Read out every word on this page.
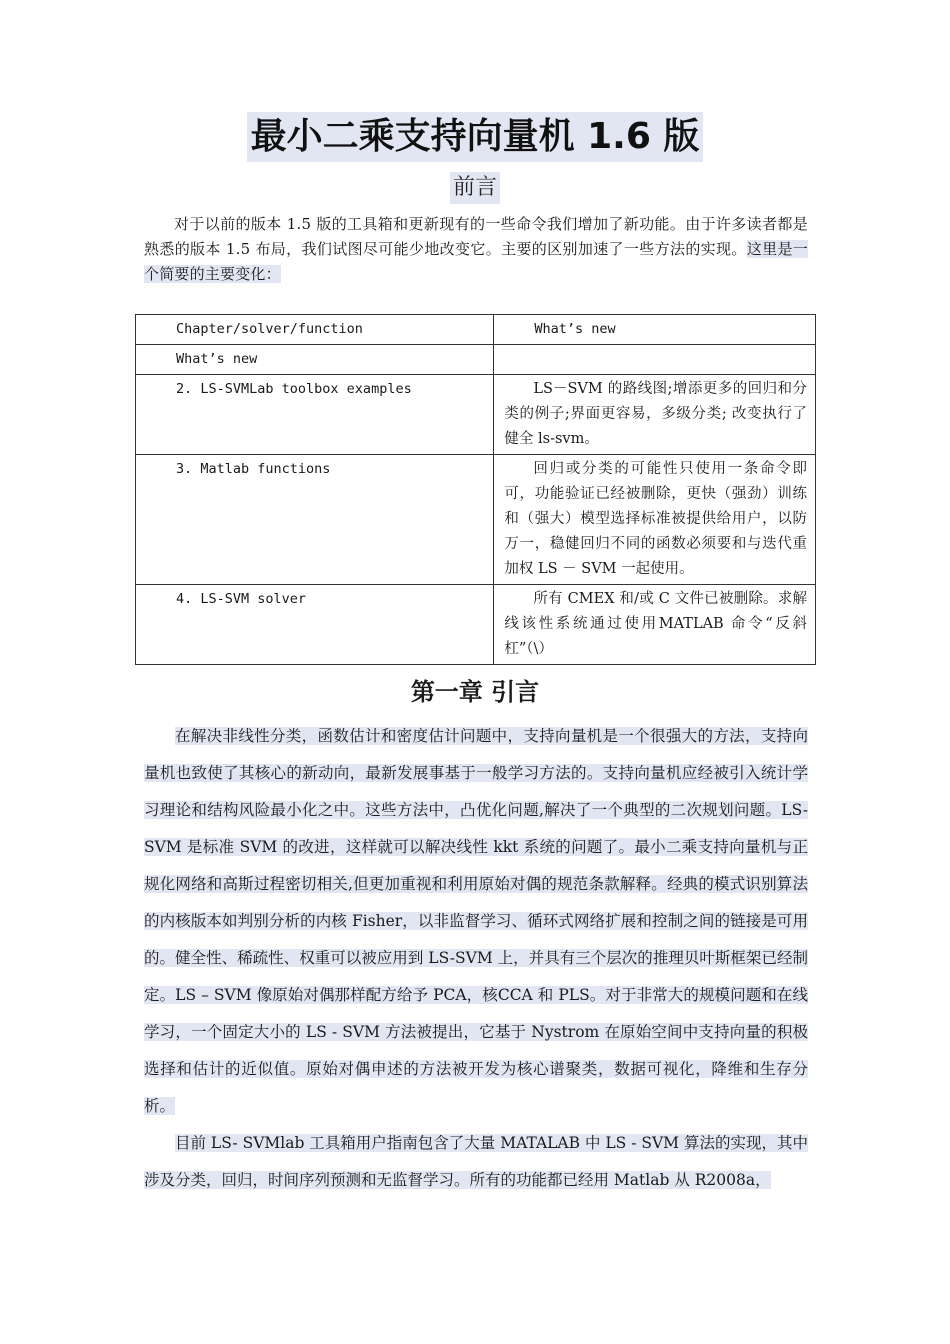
最小二乘支持向量机 1.6 版
前言

对于以前的版本 1.5 版的工具箱和更新现有的一些命令我们增加了新功能。由于许多读者都是熟悉的版本 1.5 布局，我们试图尽可能少地改变它。主要的区别加速了一些方法的实现。这里是一个简要的主要变化：

Chapter/solver/function	What’s new
What’s new	

2. LS-SVMLab toolbox examples	LS－SVM 的路线图;增添更多的回归和分类的例子;界面更容易，多级分类; 改变执行了健全 ls-svm。

3. Matlab functions	回归或分类的可能性只使用一条命令即可，功能验证已经被删除，更快（强劲）训练和（强大）模型选择标准被提供给用户，以防万一，稳健回归不同的函数必须要和与迭代重加权 LS － SVM 一起使用。

4. LS-SVM solver	所有 CMEX 和/或 C 文件已被删除。求解线该性系统通过使用MATLAB 命令“反斜杠”（\）
第一章 引言

在解决非线性分类，函数估计和密度估计问题中，支持向量机是一个很强大的方法，支持向量机也致使了其核心的新动向，最新发展事基于一般学习方法的。支持向量机应经被引入统计学习理论和结构风险最小化之中。这些方法中，凸优化问题,解决了一个典型的二次规划问题。LS-SVM 是标准 SVM 的改进，这样就可以解决线性 kkt 系统的问题了。最小二乘支持向量机与正规化网络和高斯过程密切相关,但更加重视和利用原始对偶的规范条款解释。经典的模式识别算法的内核版本如判别分析的内核 Fisher，以非监督学习、循环式网络扩展和控制之间的链接是可用的。健全性、稀疏性、权重可以被应用到 LS-SVM 上，并具有三个层次的推理贝叶斯框架已经制定。LS – SVM 像原始对偶那样配方给予 PCA，核CCA 和 PLS。对于非常大的规模问题和在线学习，一个固定大小的 LS - SVM 方法被提出，它基于 Nystrom 在原始空间中支持向量的积极选择和估计的近似值。原始对偶申述的方法被开发为核心谱聚类，数据可视化，降维和生存分析。

目前 LS- SVMlab 工具箱用户指南包含了大量 MATALAB 中 LS - SVM 算法的实现，其中涉及分类，回归，时间序列预测和无监督学习。所有的功能都已经用 Matlab 从 R2008a，
